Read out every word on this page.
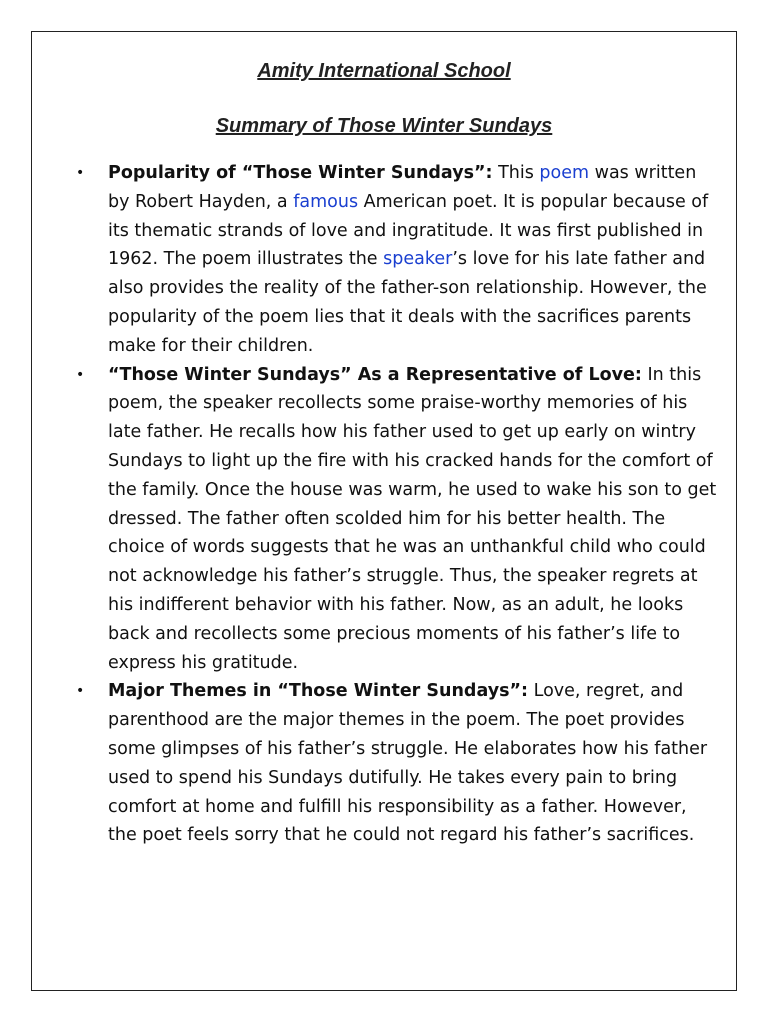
Amity International School
Summary of Those Winter Sundays
• Popularity of “Those Winter Sundays”: This poem was written by Robert Hayden, a famous American poet. It is popular because of its thematic strands of love and ingratitude. It was first published in 1962. The poem illustrates the speaker’s love for his late father and also provides the reality of the father-son relationship. However, the popularity of the poem lies that it deals with the sacrifices parents make for their children.
• “Those Winter Sundays” As a Representative of Love: In this poem, the speaker recollects some praise-worthy memories of his late father. He recalls how his father used to get up early on wintry Sundays to light up the fire with his cracked hands for the comfort of the family. Once the house was warm, he used to wake his son to get dressed. The father often scolded him for his better health. The choice of words suggests that he was an unthankful child who could not acknowledge his father’s struggle. Thus, the speaker regrets at his indifferent behavior with his father. Now, as an adult, he looks back and recollects some precious moments of his father’s life to express his gratitude.
• Major Themes in “Those Winter Sundays”: Love, regret, and parenthood are the major themes in the poem. The poet provides some glimpses of his father’s struggle. He elaborates how his father used to spend his Sundays dutifully. He takes every pain to bring comfort at home and fulfill his responsibility as a father. However, the poet feels sorry that he could not regard his father’s sacrifices.
